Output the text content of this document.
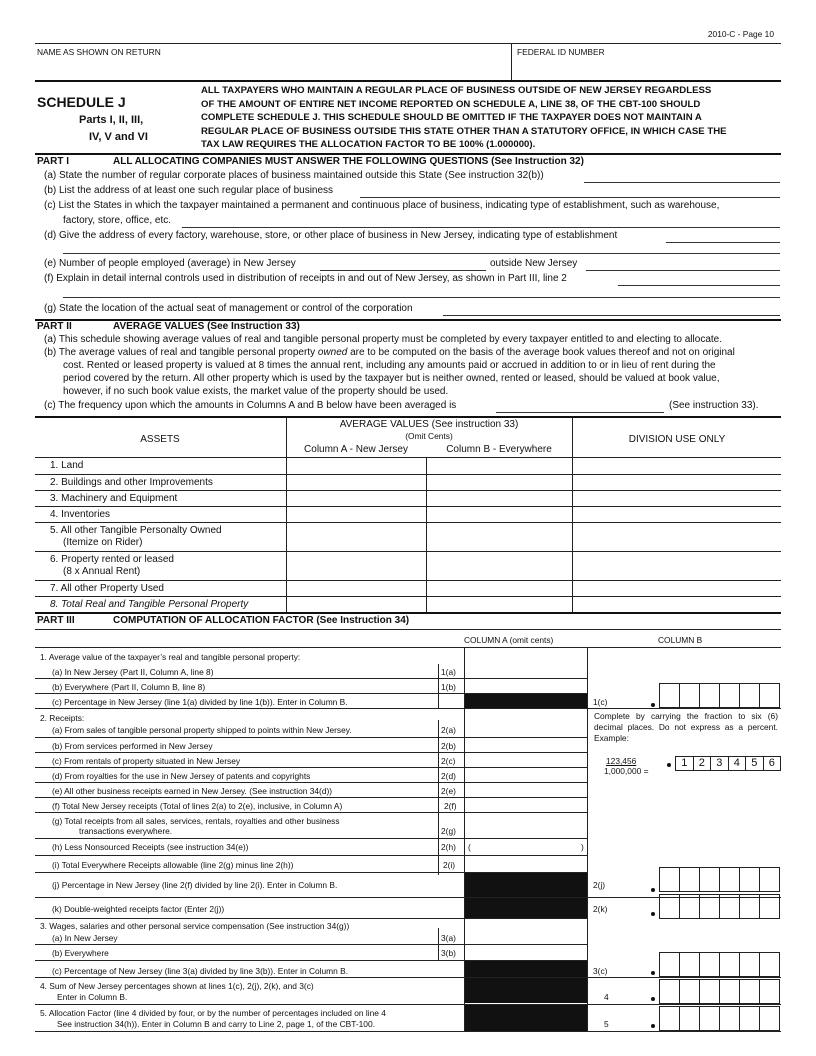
2010-C - Page 10
NAME AS SHOWN ON RETURN	FEDERAL ID NUMBER
SCHEDULE J
Parts I, II, III,
IV, V and VI
ALL TAXPAYERS WHO MAINTAIN A REGULAR PLACE OF BUSINESS OUTSIDE OF NEW JERSEY REGARDLESS
OF THE AMOUNT OF ENTIRE NET INCOME REPORTED ON SCHEDULE A, LINE 38, OF THE CBT-100 SHOULD
COMPLETE SCHEDULE J. THIS SCHEDULE SHOULD BE OMITTED IF THE TAXPAYER DOES NOT MAINTAIN A
REGULAR PLACE OF BUSINESS OUTSIDE THIS STATE OTHER THAN A STATUTORY OFFICE, IN WHICH CASE THE
TAX LAW REQUIRES THE ALLOCATION FACTOR TO BE 100% (1.000000).
PART I	ALL ALLOCATING COMPANIES MUST ANSWER THE FOLLOWING QUESTIONS (See Instruction 32)
(a) State the number of regular corporate places of business maintained outside this State (See instruction 32(b))
(b) List the address of at least one such regular place of business
(c) List the States in which the taxpayer maintained a permanent and continuous place of business, indicating type of establishment, such as warehouse,
factory, store, office, etc.
(d) Give the address of every factory, warehouse, store, or other place of business in New Jersey, indicating type of establishment
(e) Number of people employed (average) in New Jersey	outside New Jersey
(f) Explain in detail internal controls used in distribution of receipts in and out of New Jersey, as shown in Part III, line 2
(g) State the location of the actual seat of management or control of the corporation
PART II	AVERAGE VALUES (See Instruction 33)
(a) This schedule showing average values of real and tangible personal property must be completed by every taxpayer entitled to and electing to allocate.
(b) The average values of real and tangible personal property owned are to be computed on the basis of the average book values thereof and not on original
cost. Rented or leased property is valued at 8 times the annual rent, including any amounts paid or accrued in addition to or in lieu of rent during the
period covered by the return. All other property which is used by the taxpayer but is neither owned, rented or leased, should be valued at book value,
however, if no such book value exists, the market value of the property should be used.
(c) The frequency upon which the amounts in Columns A and B below have been averaged is	(See instruction 33).
ASSETS
AVERAGE VALUES (See instruction 33)
(Omit Cents)
Column A - New Jersey	Column B - Everywhere
DIVISION USE ONLY
1. Land
2. Buildings and other Improvements
3. Machinery and Equipment
4. Inventories
5. All other Tangible Personalty Owned
(Itemize on Rider)
6. Property rented or leased
(8 x Annual Rent)
7. All other Property Used
8. Total Real and Tangible Personal Property
PART III	COMPUTATION OF ALLOCATION FACTOR (See Instruction 34)
COLUMN A (omit cents)	COLUMN B
1. Average value of the taxpayer’s real and tangible personal property:
(a) In New Jersey (Part II, Column A, line 8)	1(a)
(b) Everywhere (Part II, Column B, line 8)	1(b)
(c) Percentage in New Jersey (line 1(a) divided by line 1(b)). Enter in Column B.	1(c)
2. Receipts:
(a) From sales of tangible personal property shipped to points within New Jersey.	2(a)
(b) From services performed in New Jersey	2(b)
(c) From rentals of property situated in New Jersey	2(c)
(d) From royalties for the use in New Jersey of patents and copyrights	2(d)
(e) All other business receipts earned in New Jersey. (See instruction 34(d))	2(e)
(f) Total New Jersey receipts (Total of lines 2(a) to 2(e), inclusive, in Column A)	2(f)
(g) Total receipts from all sales, services, rentals, royalties and other business
transactions everywhere.	2(g)
(h) Less Nonsourced Receipts (see instruction 34(e))	2(h) (	)
(i) Total Everywhere Receipts allowable (line 2(g) minus line 2(h))	2(i)
(j) Percentage in New Jersey (line 2(f) divided by line 2(i). Enter in Column B.	2(j)
(k) Double-weighted receipts factor (Enter 2(j))	2(k)
3. Wages, salaries and other personal service compensation (See instruction 34(g))
(a) In New Jersey	3(a)
(b) Everywhere	3(b)
(c) Percentage of New Jersey (line 3(a) divided by line 3(b)). Enter in Column B.	3(c)
4. Sum of New Jersey percentages shown at lines 1(c), 2(j), 2(k), and 3(c)
Enter in Column B.	4
5. Allocation Factor (line 4 divided by four, or by the number of percentages included on line 4
See instruction 34(h)). Enter in Column B and carry to Line 2, page 1, of the CBT-100.	5
Complete by carrying the fraction to six (6) decimal places. Do not express as a percent. Example:
123,456
1,000,000 =
1	2	3	4	5	6
